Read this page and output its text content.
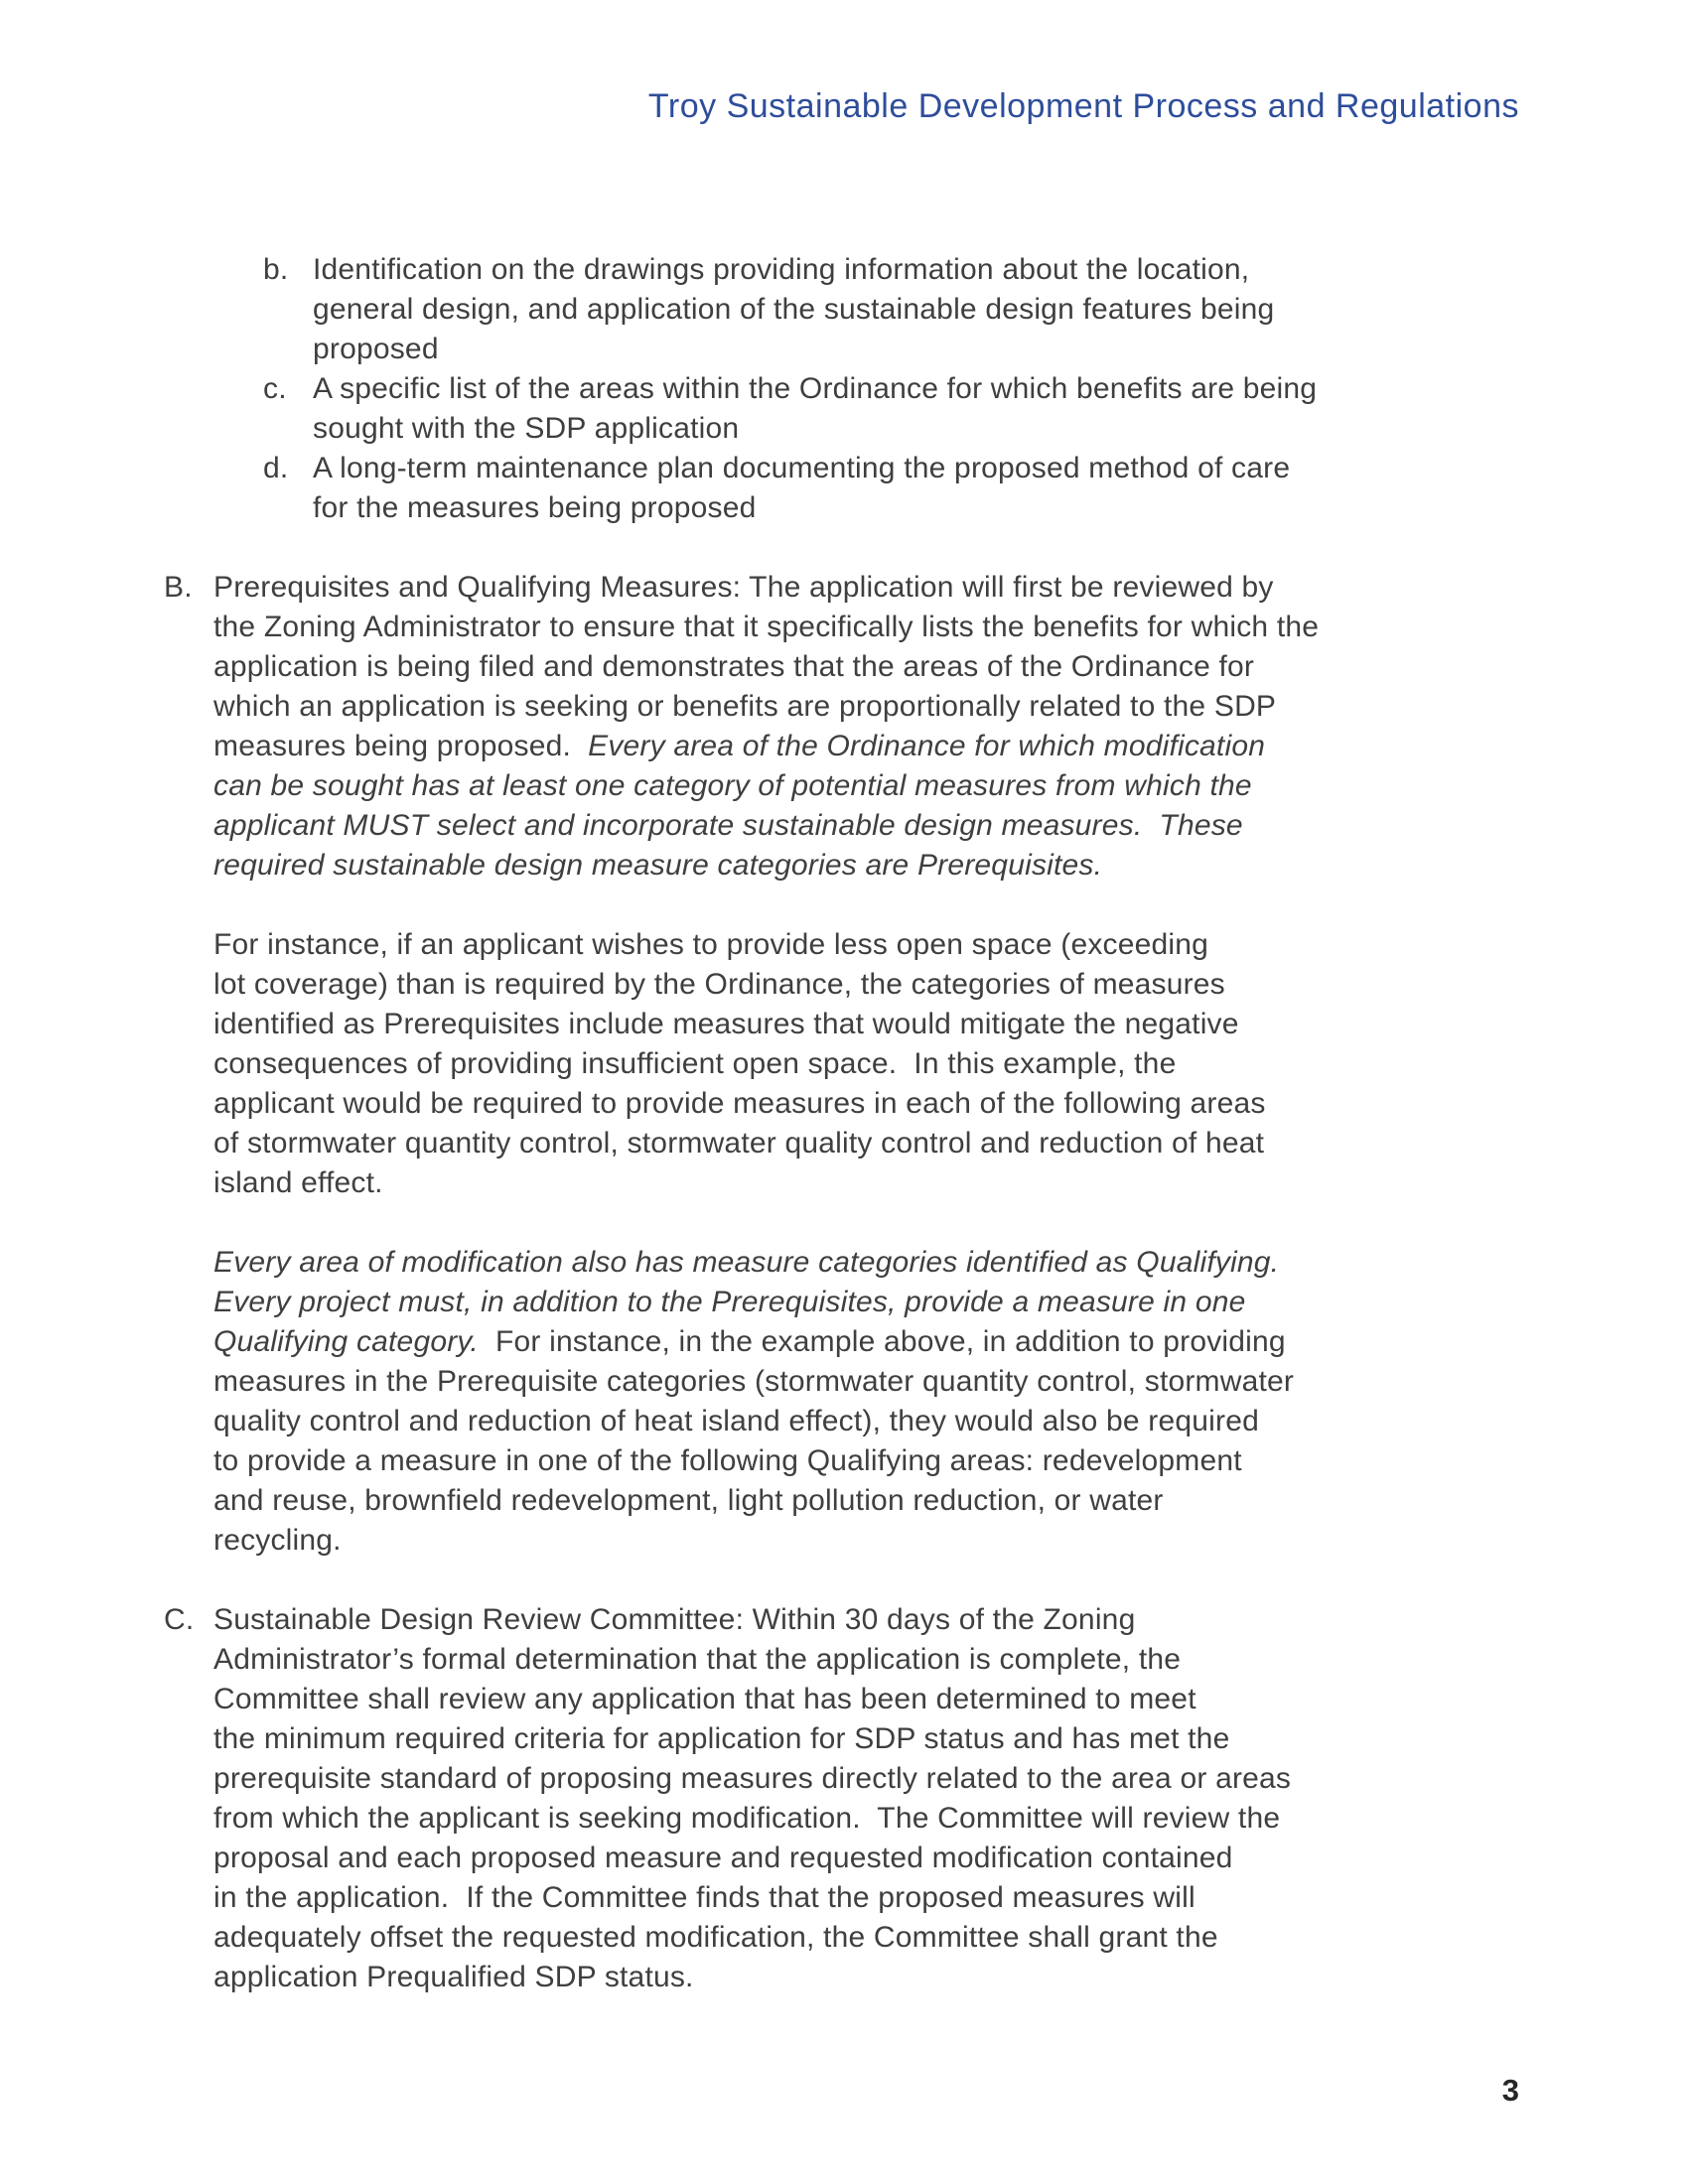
Troy Sustainable Development Process and Regulations
b. Identification on the drawings providing information about the location,
general design, and application of the sustainable design features being
proposed
c. A specific list of the areas within the Ordinance for which benefits are being
sought with the SDP application
d. A long-term maintenance plan documenting the proposed method of care
for the measures being proposed
B. Prerequisites and Qualifying Measures: The application will first be reviewed by
the Zoning Administrator to ensure that it specifically lists the benefits for which the
application is being filed and demonstrates that the areas of the Ordinance for
which an application is seeking or benefits are proportionally related to the SDP
measures being proposed.  Every area of the Ordinance for which modification
can be sought has at least one category of potential measures from which the
applicant MUST select and incorporate sustainable design measures.  These
required sustainable design measure categories are Prerequisites.
For instance, if an applicant wishes to provide less open space (exceeding
lot coverage) than is required by the Ordinance, the categories of measures
identified as Prerequisites include measures that would mitigate the negative
consequences of providing insufficient open space.  In this example, the
applicant would be required to provide measures in each of the following areas
of stormwater quantity control, stormwater quality control and reduction of heat
island effect.
Every area of modification also has measure categories identified as Qualifying.
Every project must, in addition to the Prerequisites, provide a measure in one
Qualifying category.  For instance, in the example above, in addition to providing
measures in the Prerequisite categories (stormwater quantity control, stormwater
quality control and reduction of heat island effect), they would also be required
to provide a measure in one of the following Qualifying areas: redevelopment
and reuse, brownfield redevelopment, light pollution reduction, or water
recycling.
C. Sustainable Design Review Committee: Within 30 days of the Zoning
Administrator’s formal determination that the application is complete, the
Committee shall review any application that has been determined to meet
the minimum required criteria for application for SDP status and has met the
prerequisite standard of proposing measures directly related to the area or areas
from which the applicant is seeking modification.  The Committee will review the
proposal and each proposed measure and requested modification contained
in the application.  If the Committee finds that the proposed measures will
adequately offset the requested modification, the Committee shall grant the
application Prequalified SDP status.
3
